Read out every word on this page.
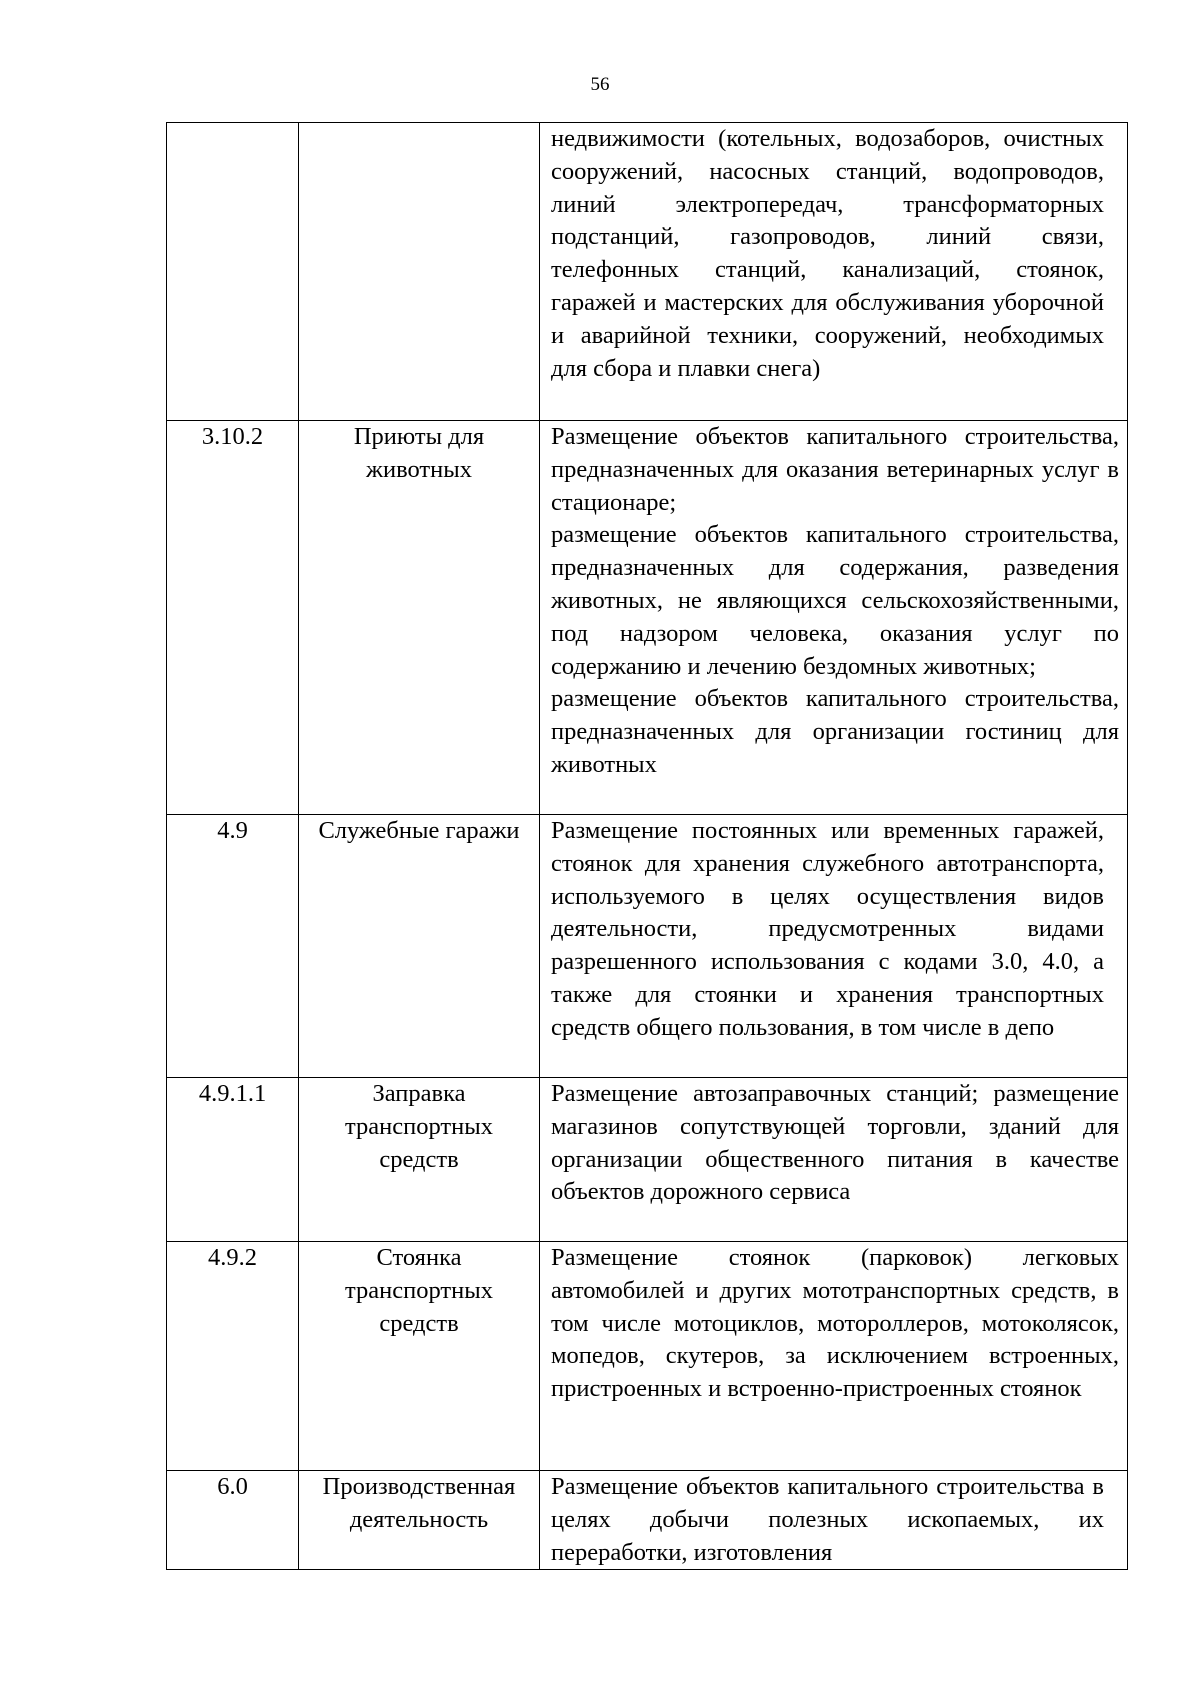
56

		недвижимости (котельных, водозаборов, очистных сооружений, насосных станций, водопроводов, линий электропередач, трансформаторных подстанций, газопроводов, линий связи, телефонных станций, канализаций, стоянок, гаражей и мастерских для обслуживания уборочной и аварийной техники, сооружений, необходимых для сбора и плавки снега)

3.10.2	Приюты для животных	Размещение объектов капитального строительства, предназначенных для оказания ветеринарных услуг в стационаре;
размещение объектов капитального строительства, предназначенных для содержания, разведения животных, не являющихся сельскохозяйственными, под надзором человека, оказания услуг по содержанию и лечению бездомных животных;
размещение объектов капитального строительства, предназначенных для организации гостиниц для животных

4.9	Служебные гаражи	Размещение постоянных или временных гаражей, стоянок для хранения служебного автотранспорта, используемого в целях осуществления видов деятельности, предусмотренных видами разрешенного использования с кодами 3.0, 4.0, а также для стоянки и хранения транспортных средств общего пользования, в том числе в депо

4.9.1.1	Заправка транспортных средств	Размещение автозаправочных станций; размещение магазинов сопутствующей торговли, зданий для организации общественного питания в качестве объектов дорожного сервиса

4.9.2	Стоянка транспортных средств	Размещение стоянок (парковок) легковых автомобилей и других мототранспортных средств, в том числе мотоциклов, мотороллеров, мотоколясок, мопедов, скутеров, за исключением встроенных, пристроенных и встроенно-пристроенных стоянок

6.0	Производственная деятельность	Размещение объектов капитального строительства в целях добычи полезных ископаемых, их переработки, изготовления
